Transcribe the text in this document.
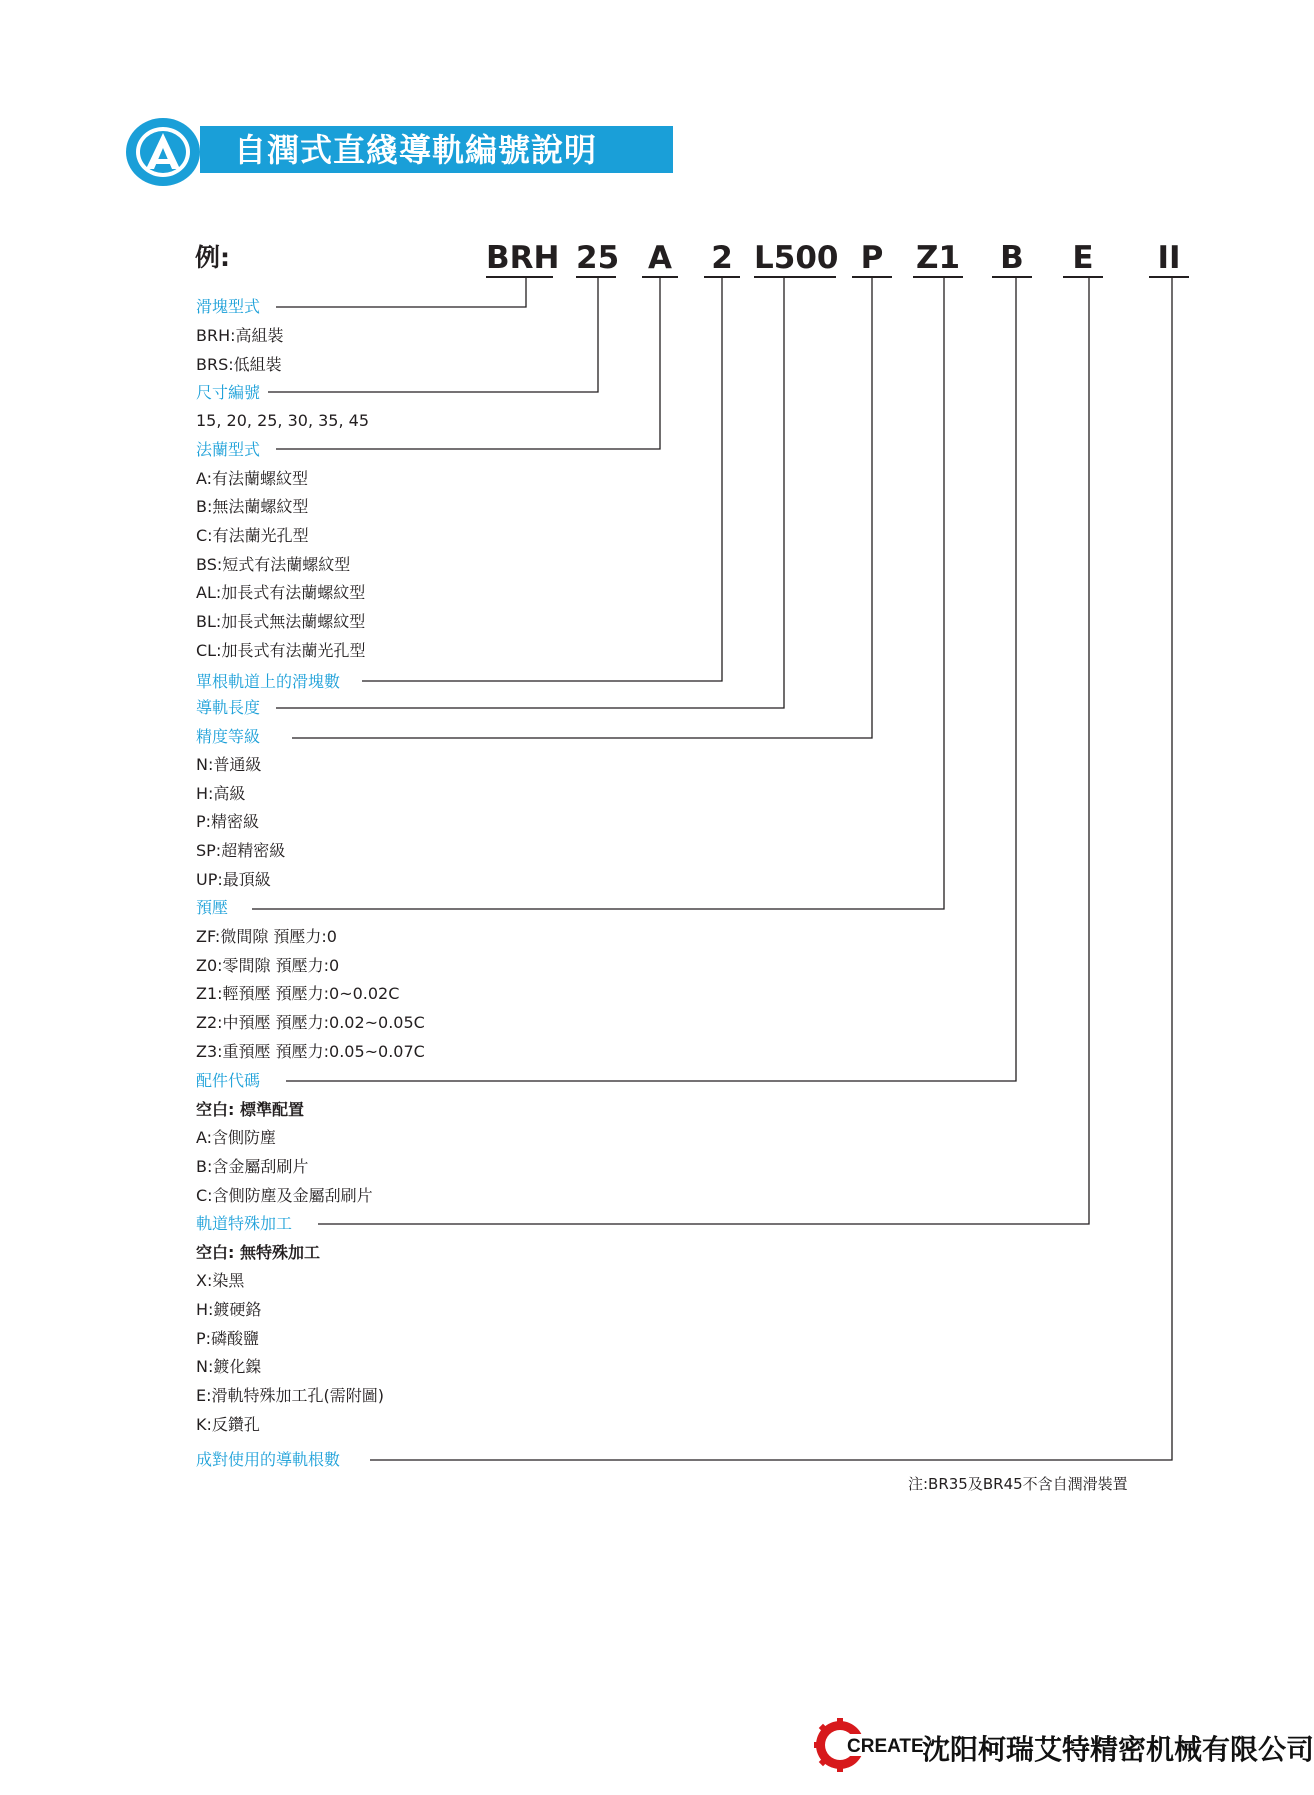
自潤式直綫導軌編號說明
例:	BRH 25 A 2 L500 P Z1 B	E	II
滑塊型式
BRH:高組裝
BRS:低組裝
尺寸編號
15, 20, 25, 30, 35, 45
法蘭型式
A:有法蘭螺紋型
B:無法蘭螺紋型
C:有法蘭光孔型
BS:短式有法蘭螺紋型
AL:加長式有法蘭螺紋型
BL:加長式無法蘭螺紋型
CL:加長式有法蘭光孔型
單根軌道上的滑塊數
導軌長度
精度等級
N:普通級
H:高級
P:精密級
SP:超精密級
UP:最頂級
預壓
ZF:微間隙 預壓力:0
Z0:零間隙 預壓力:0
Z1:輕預壓 預壓力:0~0.02C
Z2:中預壓 預壓力:0.02~0.05C
Z3:重預壓 預壓力:0.05~0.07C
配件代碼
空白: 標準配置
A:含側防塵
B:含金屬刮刷片
C:含側防塵及金屬刮刷片
軌道特殊加工
空白: 無特殊加工
X:染黑
H:鍍硬鉻
P:磷酸鹽
N:鍍化鎳
E:滑軌特殊加工孔(需附圖)
K:反鑽孔
成對使用的導軌根數
注:BR35及BR45不含自潤滑裝置
CREATE
沈阳柯瑞艾特精密机械有限公司
